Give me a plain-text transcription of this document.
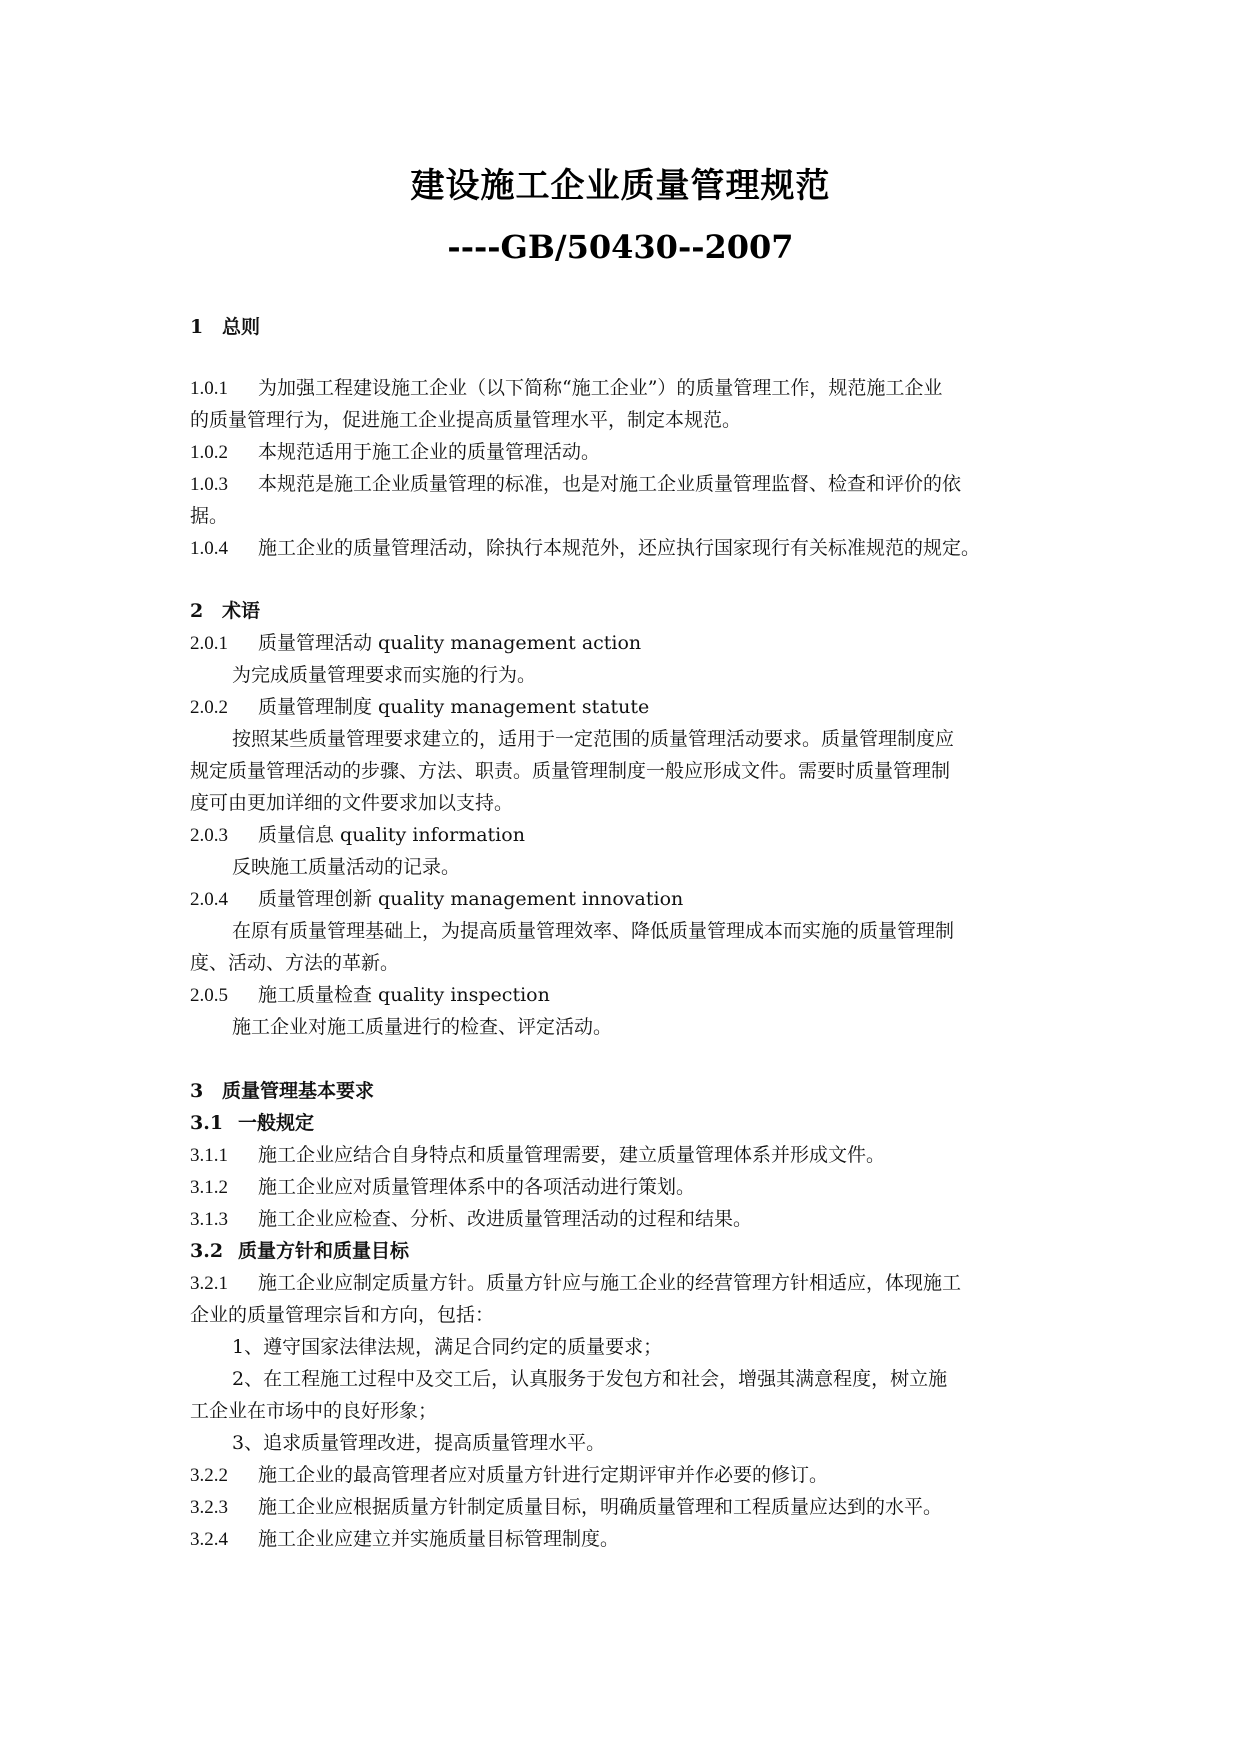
建设施工企业质量管理规范
----GB/50430--2007
1 总则
1.0.1 为加强工程建设施工企业（以下简称“施工企业”）的质量管理工作，规范施工企业
的质量管理行为，促进施工企业提高质量管理水平，制定本规范。
1.0.2 本规范适用于施工企业的质量管理活动。
1.0.3 本规范是施工企业质量管理的标准，也是对施工企业质量管理监督、检查和评价的依
据。
1.0.4 施工企业的质量管理活动，除执行本规范外，还应执行国家现行有关标准规范的规定。
2 术语
2.0.1 质量管理活动 quality management action
为完成质量管理要求而实施的行为。
2.0.2 质量管理制度 quality management statute
按照某些质量管理要求建立的，适用于一定范围的质量管理活动要求。质量管理制度应
规定质量管理活动的步骤、方法、职责。质量管理制度一般应形成文件。需要时质量管理制
度可由更加详细的文件要求加以支持。
2.0.3 质量信息 quality information
反映施工质量活动的记录。
2.0.4 质量管理创新 quality management innovation
在原有质量管理基础上，为提高质量管理效率、降低质量管理成本而实施的质量管理制
度、活动、方法的革新。
2.0.5 施工质量检查 quality inspection
施工企业对施工质量进行的检查、评定活动。
3 质量管理基本要求
3.1 一般规定
3.1.1 施工企业应结合自身特点和质量管理需要，建立质量管理体系并形成文件。
3.1.2 施工企业应对质量管理体系中的各项活动进行策划。
3.1.3 施工企业应检查、分析、改进质量管理活动的过程和结果。
3.2 质量方针和质量目标
3.2.1 施工企业应制定质量方针。质量方针应与施工企业的经营管理方针相适应，体现施工
企业的质量管理宗旨和方向，包括：
1、遵守国家法律法规，满足合同约定的质量要求；
2、在工程施工过程中及交工后，认真服务于发包方和社会，增强其满意程度，树立施
工企业在市场中的良好形象；
3、追求质量管理改进，提高质量管理水平。
3.2.2 施工企业的最高管理者应对质量方针进行定期评审并作必要的修订。
3.2.3 施工企业应根据质量方针制定质量目标，明确质量管理和工程质量应达到的水平。
3.2.4 施工企业应建立并实施质量目标管理制度。
